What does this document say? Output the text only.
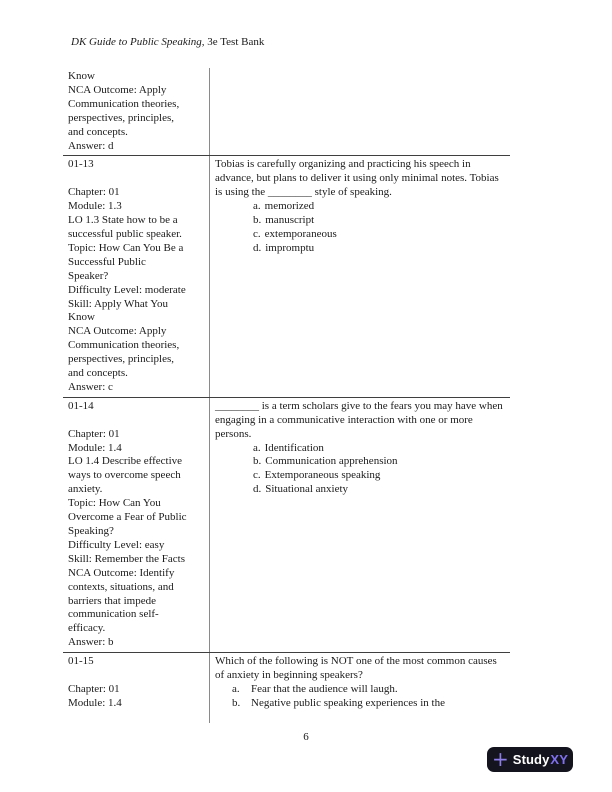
DK Guide to Public Speaking, 3e Test Bank
Know
NCA Outcome: Apply
Communication theories,
perspectives, principles,
and concepts.
Answer: d
01-13

Chapter: 01
Module: 1.3
LO 1.3 State how to be a
successful public speaker.
Topic: How Can You Be a
Successful Public
Speaker?
Difficulty Level: moderate
Skill: Apply What You
Know
NCA Outcome: Apply
Communication theories,
perspectives, principles,
and concepts.
Answer: c
Tobias is carefully organizing and practicing his speech in advance, but plans to deliver it using only minimal notes. Tobias is using the ________ style of speaking.
a. memorized
b. manuscript
c. extemporaneous
d. impromptu
01-14

Chapter: 01
Module: 1.4
LO 1.4 Describe effective
ways to overcome speech
anxiety.
Topic: How Can You
Overcome a Fear of Public
Speaking?
Difficulty Level: easy
Skill: Remember the Facts
NCA Outcome: Identify
contexts, situations, and
barriers that impede
communication self-
efficacy.
Answer: b
________ is a term scholars give to the fears you may have when engaging in a communicative interaction with one or more persons.
a. Identification
b. Communication apprehension
c. Extemporaneous speaking
d. Situational anxiety
01-15

Chapter: 01
Module: 1.4
Which of the following is NOT one of the most common causes of anxiety in beginning speakers?
a. Fear that the audience will laugh.
b. Negative public speaking experiences in the
6
+ Study XY
